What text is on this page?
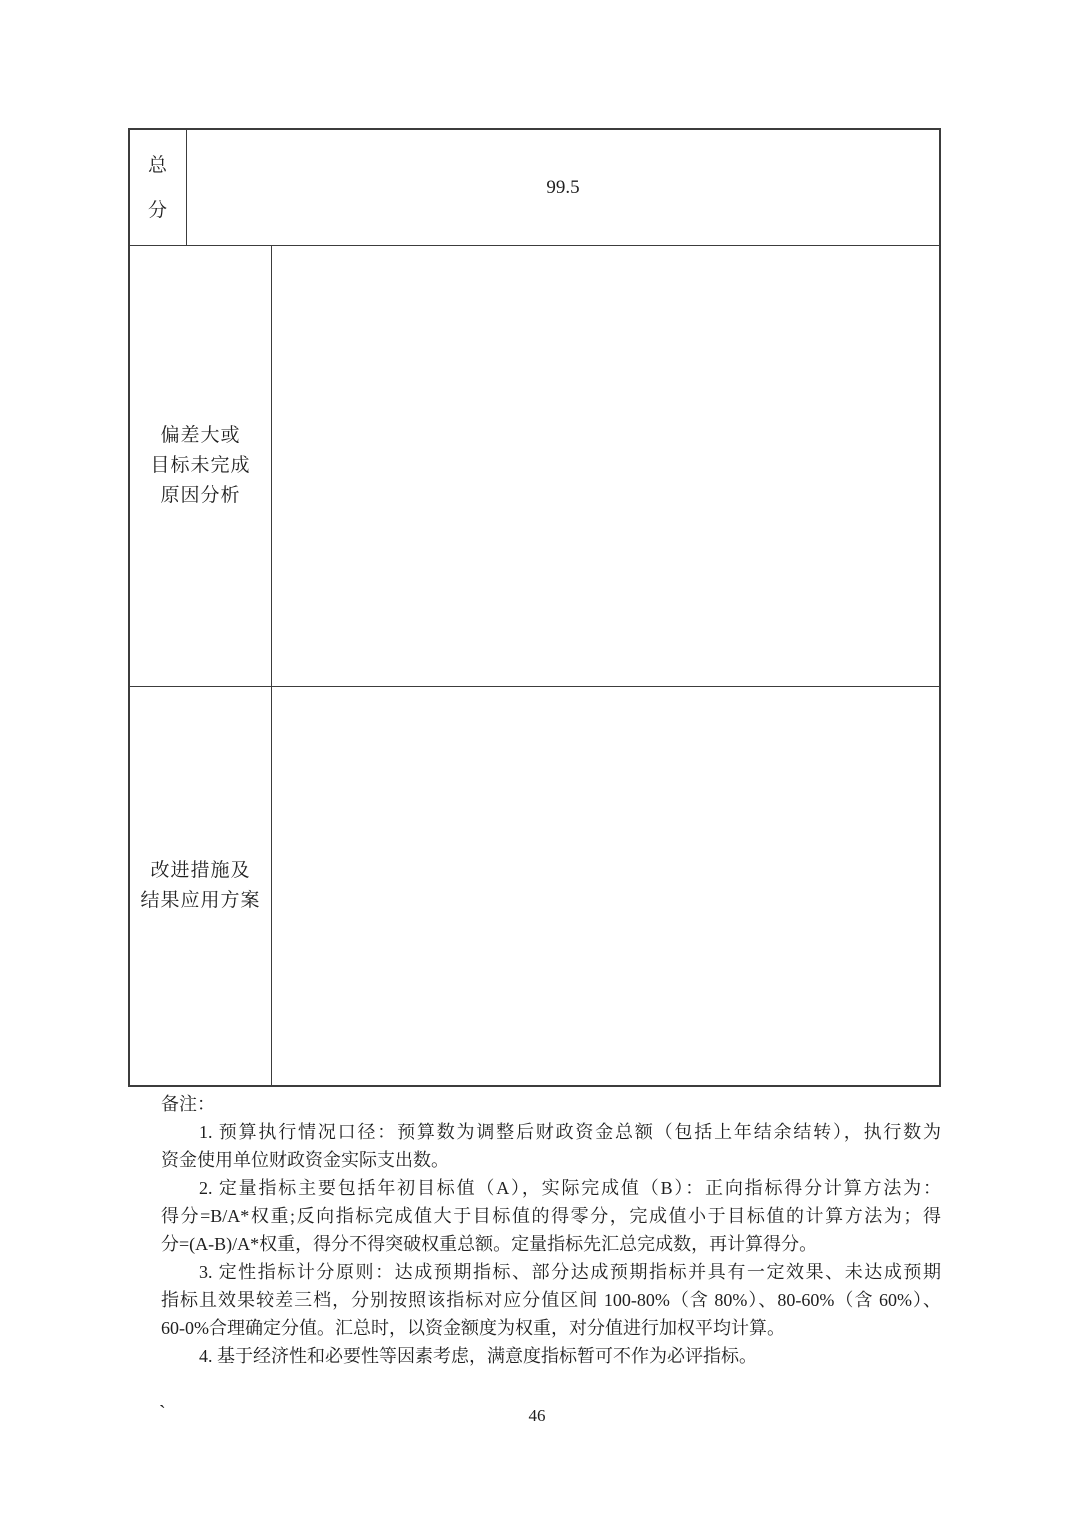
总
分
99.5
偏差大或
目标未完成
原因分析
改进措施及
结果应用方案
备注：
1. 预算执行情况口径：预算数为调整后财政资金总额（包括上年结余结转），执行数为
资金使用单位财政资金实际支出数。
2. 定量指标主要包括年初目标值（A），实际完成值（B）：正向指标得分计算方法为：
得分=B/A*权重;反向指标完成值大于目标值的得零分，完成值小于目标值的计算方法为；得
分=(A-B)/A*权重，得分不得突破权重总额。定量指标先汇总完成数，再计算得分。
3. 定性指标计分原则：达成预期指标、部分达成预期指标并具有一定效果、未达成预期
指标且效果较差三档，分别按照该指标对应分值区间 100-80%（含 80%）、80-60%（含 60%）、
60-0%合理确定分值。汇总时，以资金额度为权重，对分值进行加权平均计算。
4. 基于经济性和必要性等因素考虑，满意度指标暂可不作为必评指标。
`	46
